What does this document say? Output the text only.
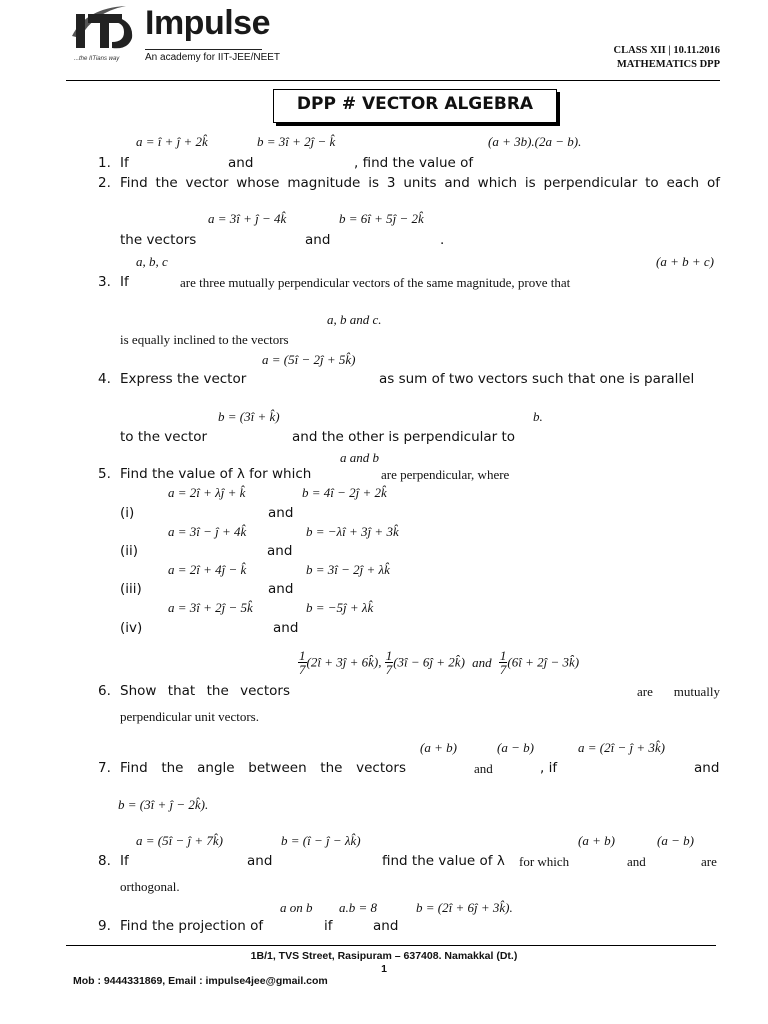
Impulse
An academy for IIT-JEE/NEET
...the IITians way
CLASS XII | 10.11.2016
MATHEMATICS DPP
DPP # VECTOR ALGEBRA
a = î + ĵ + 2k̂	b = 3î + 2ĵ − k̂	(a + 3b).(2a − b).
1. If	and	, find the value of
2. Find the vector whose magnitude is 3 units and which is perpendicular to each of
a = 3î + ĵ − 4k̂	b = 6î + 5ĵ − 2k̂
the vectors	and	.
a, b, c	(a + b + c)
3. If	are three mutually perpendicular vectors of the same magnitude, prove that
a, b and c.
is equally inclined to the vectors
a = (5î − 2ĵ + 5k̂)
4. Express the vector	as sum of two vectors such that one is parallel
b = (3î + k̂)	b.
to the vector	and the other is perpendicular to
a and b
5. Find the value of λ for which	are perpendicular, where
a = 2î + λĵ + k̂	b = 4î − 2ĵ + 2k̂
(i)	and
a = 3î − ĵ + 4k̂	b = −λî + 3ĵ + 3k̂
(ii)	and
a = 2î + 4ĵ − k̂	b = 3î − 2ĵ + λk̂
(iii)	and
a = 3î + 2ĵ − 5k̂	b = −5ĵ + λk̂
(iv)	and
$\frac{1}{7}$ (2î + 3ĵ + 6k̂), $\frac{1}{7}$ (3î − 6ĵ + 2k̂) and $\frac{1}{7}$ (6î + 2ĵ − 3k̂)
6. Show that the vectors	are mutually
perpendicular unit vectors.
(a + b)	(a − b)	a = (2î − ĵ + 3k̂)
7. Find the angle between the vectors	and	, if	and
b = (3î + ĵ − 2k̂).
a = (5î − ĵ + 7k̂)	b = (î − ĵ − λk̂)	(a + b)	(a − b)
8. If	and	find the value of λ for which	and	are
orthogonal.
a on b a.b = 8	b = (2î + 6ĵ + 3k̂).
9. Find the projection of	if	and
1B/1, TVS Street, Rasipuram – 637408. Namakkal (Dt.)
1
Mob : 9444331869, Email : impulse4jee@gmail.com
